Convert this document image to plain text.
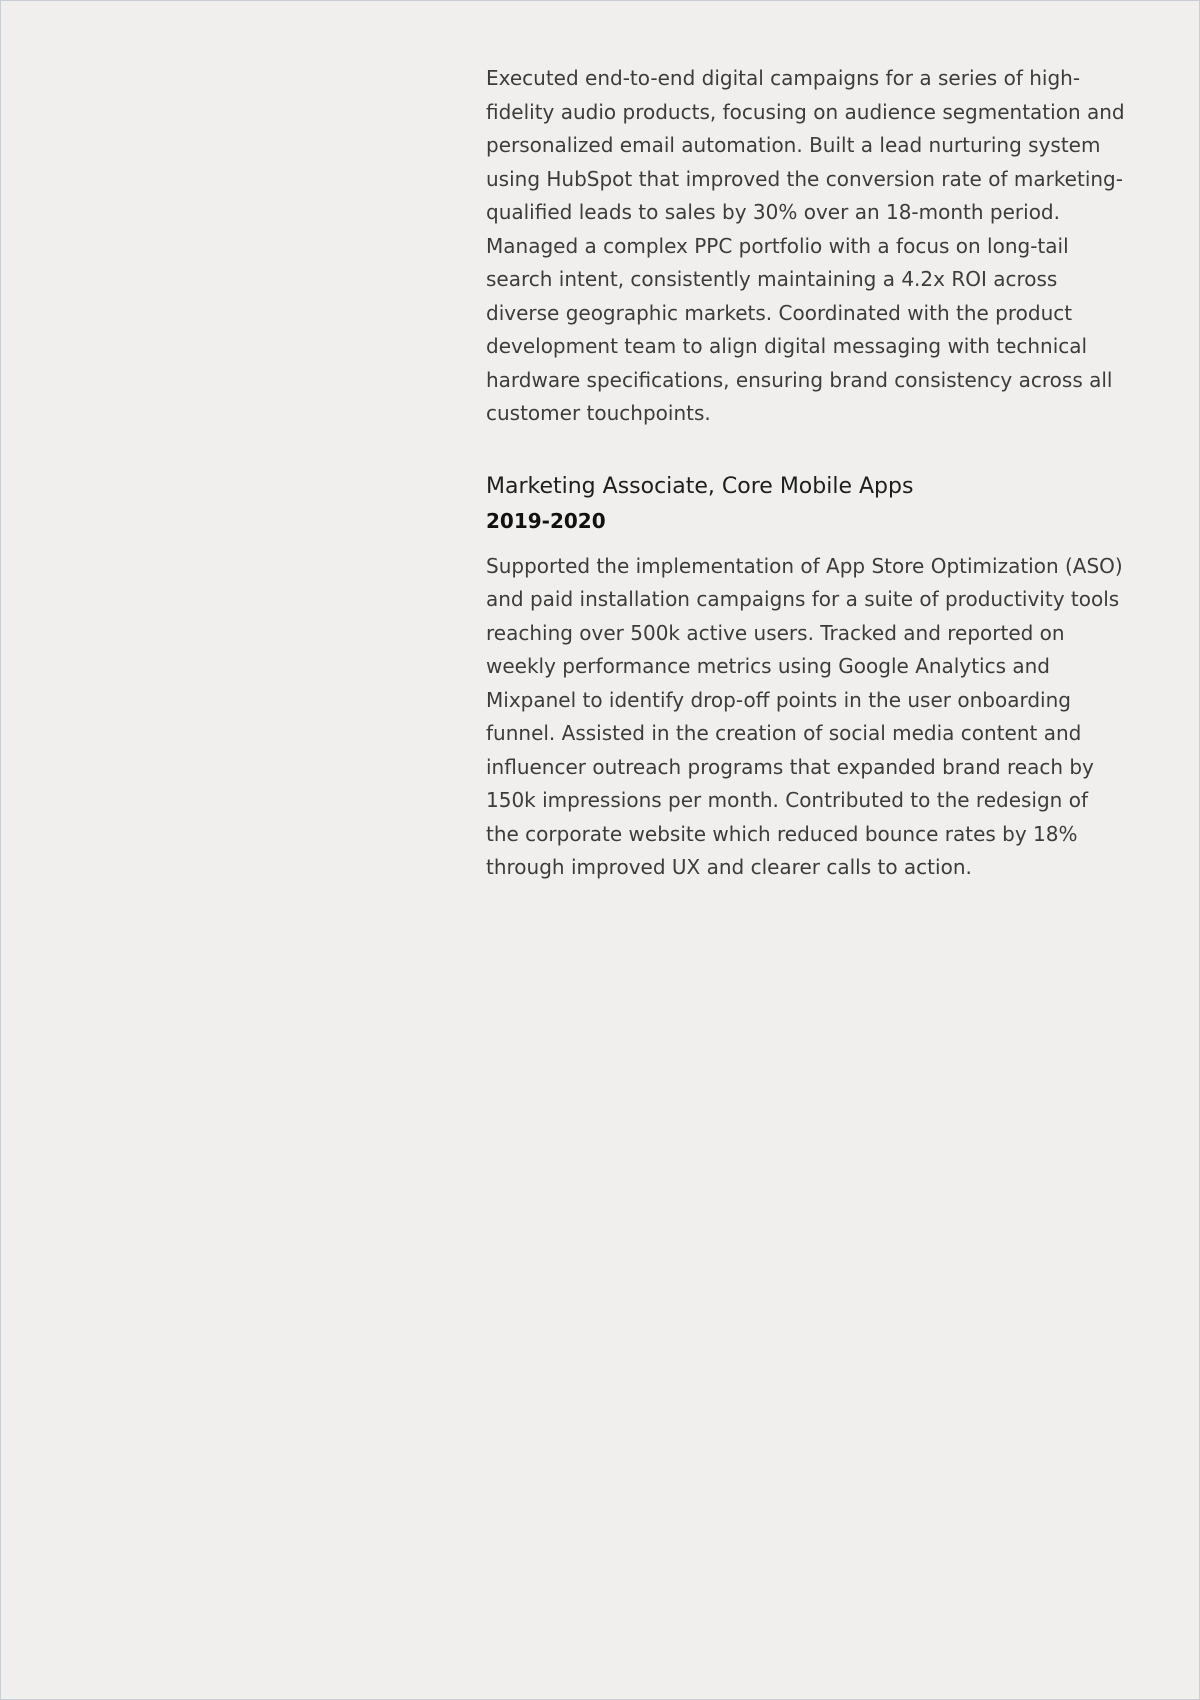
Executed end-to-end digital campaigns for a series of high-fidelity audio products, focusing on audience segmentation and personalized email automation. Built a lead nurturing system using HubSpot that improved the conversion rate of marketing-qualified leads to sales by 30% over an 18-month period. Managed a complex PPC portfolio with a focus on long-tail search intent, consistently maintaining a 4.2x ROI across diverse geographic markets. Coordinated with the product development team to align digital messaging with technical hardware specifications, ensuring brand consistency across all customer touchpoints.

Marketing Associate, Core Mobile Apps

2019-2020

Supported the implementation of App Store Optimization (ASO) and paid installation campaigns for a suite of productivity tools reaching over 500k active users. Tracked and reported on weekly performance metrics using Google Analytics and Mixpanel to identify drop-off points in the user onboarding funnel. Assisted in the creation of social media content and influencer outreach programs that expanded brand reach by 150k impressions per month. Contributed to the redesign of the corporate website which reduced bounce rates by 18% through improved UX and clearer calls to action.
